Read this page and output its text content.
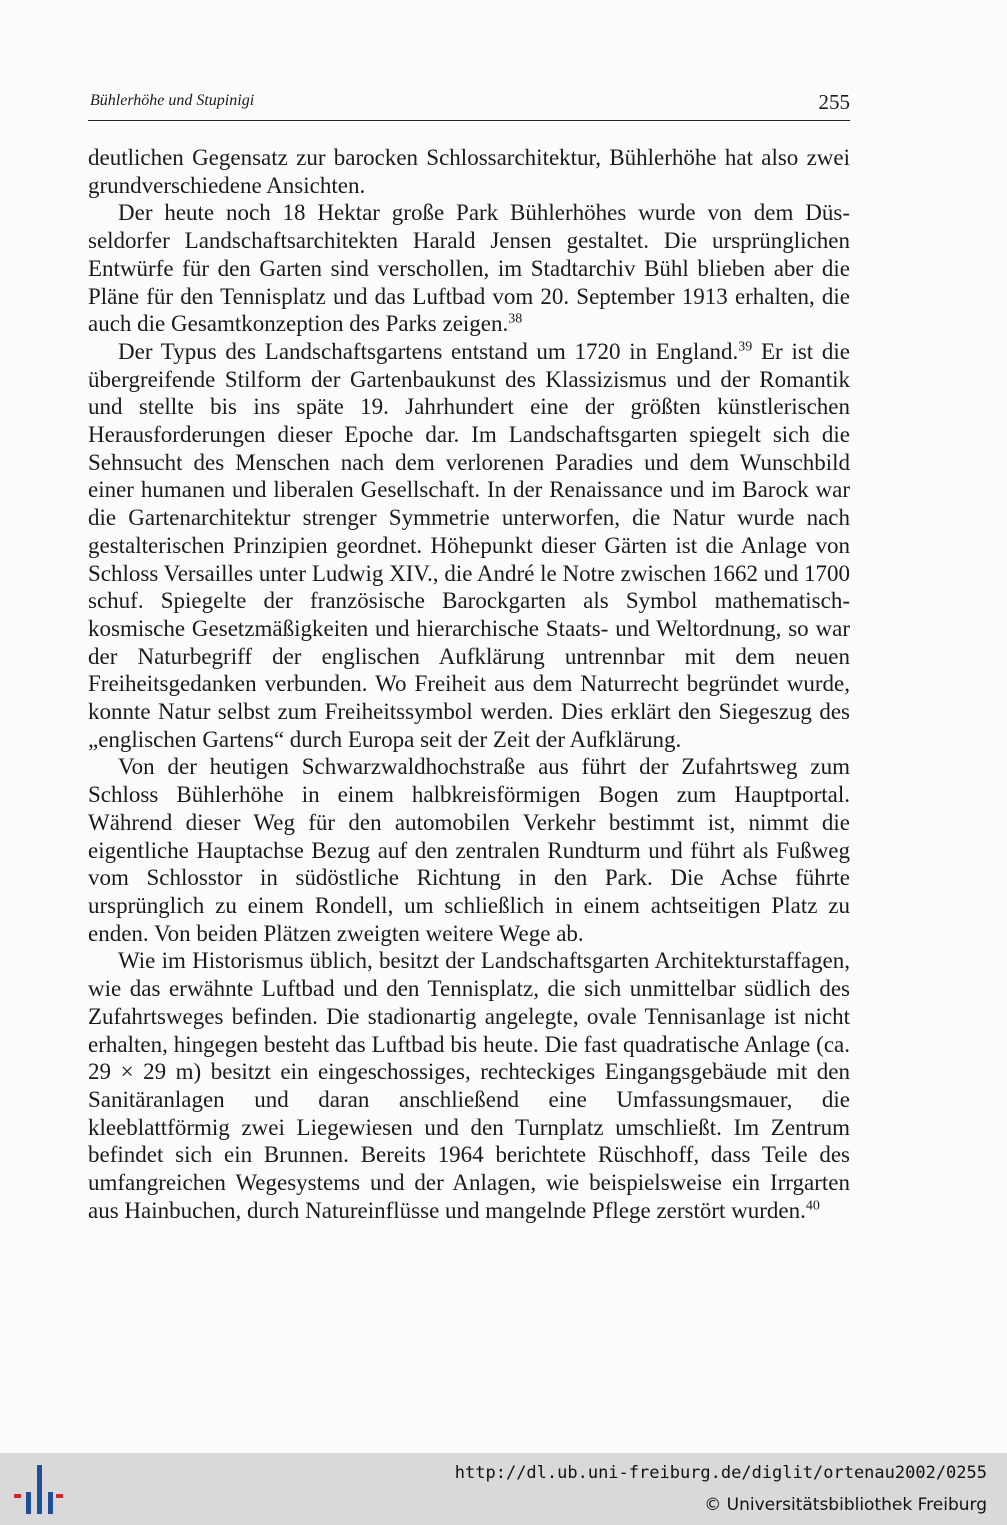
Bühlerhöhe und Stupinigi	255

deutlichen Gegensatz zur barocken Schlossarchitektur, Bühlerhöhe hat also zwei grundverschiedene Ansichten.

Der heute noch 18 Hektar große Park Bühlerhöhes wurde von dem Düsseldorfer Landschaftsarchitekten Harald Jensen gestaltet. Die ursprünglichen Entwürfe für den Garten sind verschollen, im Stadtarchiv Bühl blieben aber die Pläne für den Tennisplatz und das Luftbad vom 20. September 1913 erhalten, die auch die Gesamtkonzeption des Parks zeigen.$^{38}$

Der Typus des Landschaftsgartens entstand um 1720 in England.$^{39}$ Er ist die übergreifende Stilform der Gartenbaukunst des Klassizismus und der Romantik und stellte bis ins späte 19. Jahrhundert eine der größten künstlerischen Herausforderungen dieser Epoche dar. Im Landschaftsgarten spiegelt sich die Sehnsucht des Menschen nach dem verlorenen Paradies und dem Wunschbild einer humanen und liberalen Gesellschaft. In der Renaissance und im Barock war die Gartenarchitektur strenger Symmetrie unterworfen, die Natur wurde nach gestalterischen Prinzipien geordnet. Höhepunkt dieser Gärten ist die Anlage von Schloss Versailles unter Ludwig XIV., die André le Notre zwischen 1662 und 1700 schuf. Spiegelte der französische Barockgarten als Symbol mathematisch-kosmische Gesetzmäßigkeiten und hierarchische Staats- und Weltordnung, so war der Naturbegriff der englischen Aufklärung untrennbar mit dem neuen Freiheitsgedanken verbunden. Wo Freiheit aus dem Naturrecht begründet wurde, konnte Natur selbst zum Freiheitssymbol werden. Dies erklärt den Siegeszug des „englischen Gartens“ durch Europa seit der Zeit der Aufklärung.

Von der heutigen Schwarzwaldhochstraße aus führt der Zufahrtsweg zum Schloss Bühlerhöhe in einem halbkreisförmigen Bogen zum Hauptportal. Während dieser Weg für den automobilen Verkehr bestimmt ist, nimmt die eigentliche Hauptachse Bezug auf den zentralen Rundturm und führt als Fußweg vom Schlosstor in südöstliche Richtung in den Park. Die Achse führte ursprünglich zu einem Rondell, um schließlich in einem achtseitigen Platz zu enden. Von beiden Plätzen zweigten weitere Wege ab.

Wie im Historismus üblich, besitzt der Landschaftsgarten Architekturstaffagen, wie das erwähnte Luftbad und den Tennisplatz, die sich unmittelbar südlich des Zufahrtsweges befinden. Die stadionartig angelegte, ovale Tennisanlage ist nicht erhalten, hingegen besteht das Luftbad bis heute. Die fast quadratische Anlage (ca. 29 × 29 m) besitzt ein eingeschossiges, rechteckiges Eingangsgebäude mit den Sanitäranlagen und daran anschließend eine Umfassungsmauer, die kleeblattförmig zwei Liegewiesen und den Turnplatz umschließt. Im Zentrum befindet sich ein Brunnen. Bereits 1964 berichtete Rüschhoff, dass Teile des umfangreichen Wegesystems und der Anlagen, wie beispielsweise ein Irrgarten aus Hainbuchen, durch Natureinflüsse und mangelnde Pflege zerstört wurden.$^{40}$

http://dl.ub.uni-freiburg.de/diglit/ortenau2002/0255
© Universitätsbibliothek Freiburg
